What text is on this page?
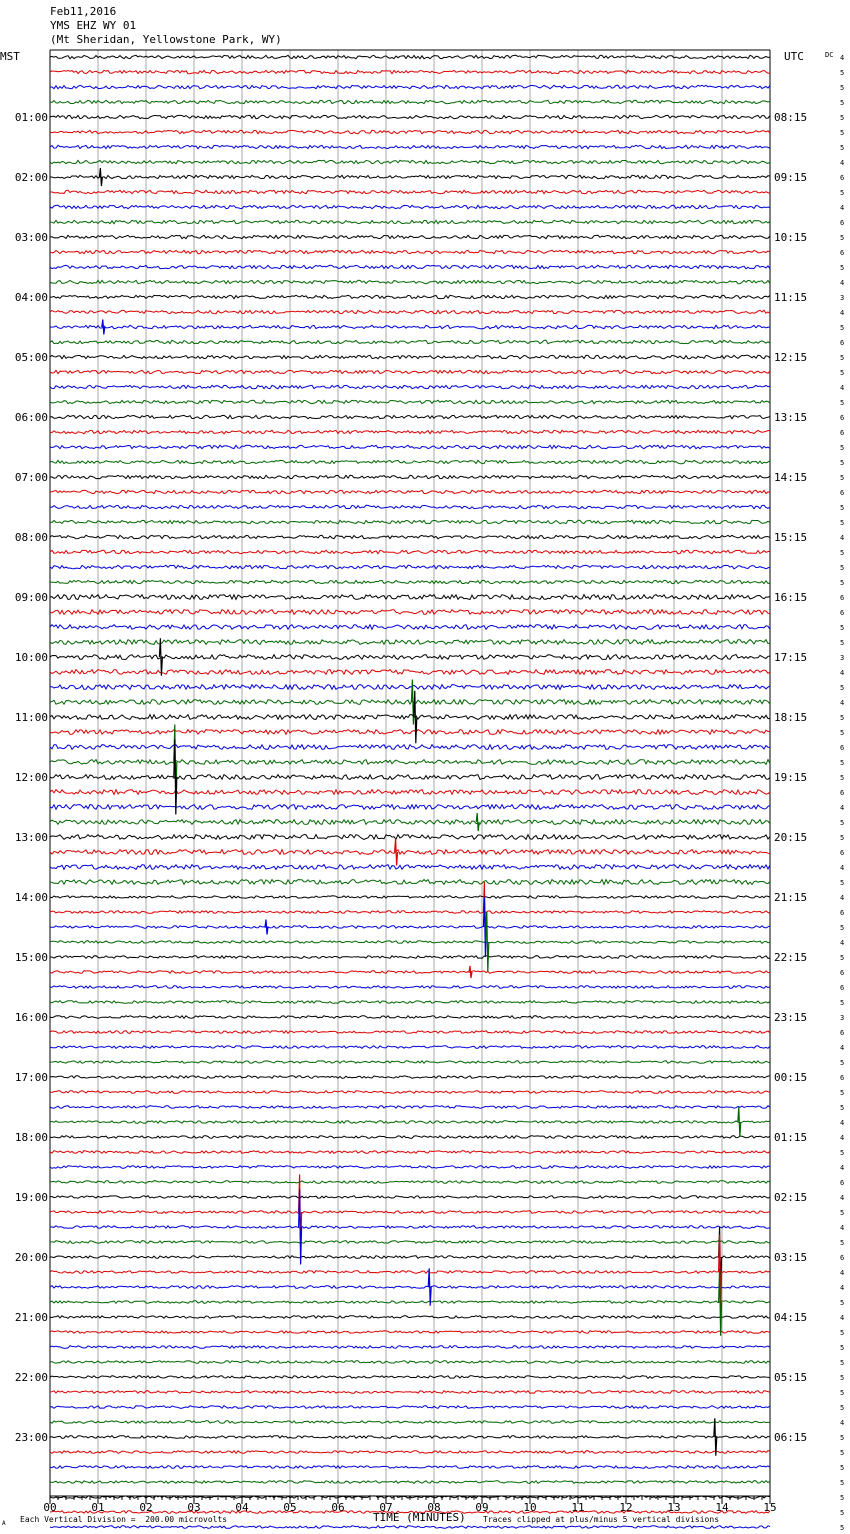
Feb11,2016
YMS EHZ WY 01
(Mt Sheridan, Yellowstone Park, WY)
MST	UTC	DC
01:00
02:00
03:00
04:00
05:00
06:00
07:00
08:00
09:00
10:00
11:00
12:00
13:00
14:00
15:00
16:00
17:00
18:00
19:00
20:00
21:00
22:00
23:00
08:15
09:15
10:15
11:15
12:15
13:15
14:15
15:15
16:15
17:15
18:15
19:15
20:15
21:15
22:15
23:15
00:15
01:15
02:15
03:15
04:15
05:15
06:15
4
5
5
5
5
5
5
4
6
5
4
6
5
6
5
4
3
4
5
6
5
5
4
5
6
6
5
5
5
6
5
5
4
5
5
5
6
6
5
5
3
4
5
4
5
5
6
5
5
6
4
5
5
6
4
5
4
6
5
4
5
6
6
5
3
6
4
5
6
5
5
4
4
5
4
6
4
5
4
5
6
4
4
5
4
5
5
5
5
5
5
4
5
5
5
5
5
5
5
00	01	02	03	04	05	06	07	08	09	10	11	12	13	14	15
A Each Vertical Division =  200.00 microvolts	TIME (MINUTES) Traces clipped at plus/minus 5 vertical divisions
